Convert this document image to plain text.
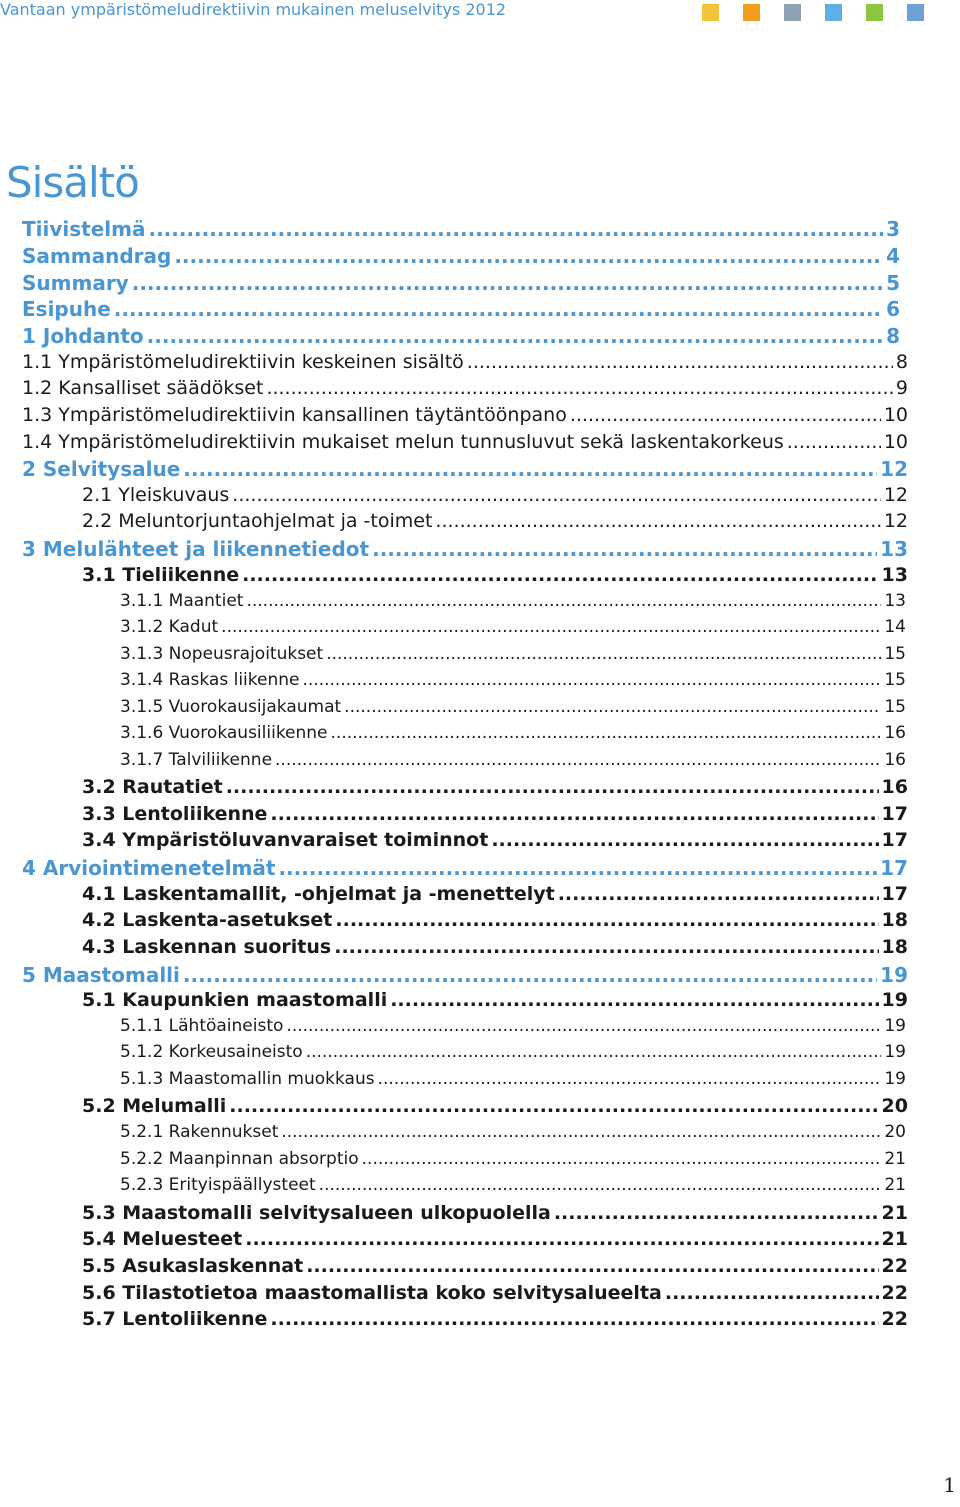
Vantaan ympäristömeludirektiivin mukainen meluselvitys 2012
Sisältö
Tiivistelmä .....	3
Sammandrag .....	4
Summary .....	5
Esipuhe .....	6
1 Johdanto .....	8
1.1 Ympäristömeludirektiivin keskeinen sisältö .....	8
1.2 Kansalliset säädökset .....	9
1.3 Ympäristömeludirektiivin kansallinen täytäntöönpano .....	10
1.4 Ympäristömeludirektiivin mukaiset melun tunnusluvut sekä laskentakorkeus .....	10
2 Selvitysalue .....	12
2.1 Yleiskuvaus .....	12
2.2 Meluntorjuntaohjelmat ja -toimet .....	12
3 Melulähteet ja liikennetiedot .....	13
3.1 Tieliikenne .....	13
3.1.1 Maantiet .....	13
3.1.2 Kadut .....	14
3.1.3 Nopeusrajoitukset .....	15
3.1.4 Raskas liikenne .....	15
3.1.5 Vuorokausijakaumat .....	15
3.1.6 Vuorokausiliikenne .....	16
3.1.7 Talviliikenne .....	16
3.2 Rautatiet .....	16
3.3 Lentoliikenne .....	17
3.4 Ympäristöluvanvaraiset toiminnot .....	17
4 Arviointimenetelmät .....	17
4.1 Laskentamallit, -ohjelmat ja -menettelyt .....	17
4.2 Laskenta-asetukset .....	18
4.3 Laskennan suoritus .....	18
5 Maastomalli .....	19
5.1 Kaupunkien maastomalli .....	19
5.1.1 Lähtöaineisto .....	19
5.1.2 Korkeusaineisto .....	19
5.1.3 Maastomallin muokkaus .....	19
5.2 Melumalli .....	20
5.2.1 Rakennukset .....	20
5.2.2 Maanpinnan absorptio .....	21
5.2.3 Erityispäällysteet .....	21
5.3 Maastomalli selvitysalueen ulkopuolella .....	21
5.4 Meluesteet .....	21
5.5 Asukaslaskennat .....	22
5.6 Tilastotietoa maastomallista koko selvitysalueelta .....	22
5.7 Lentoliikenne .....	22
1
